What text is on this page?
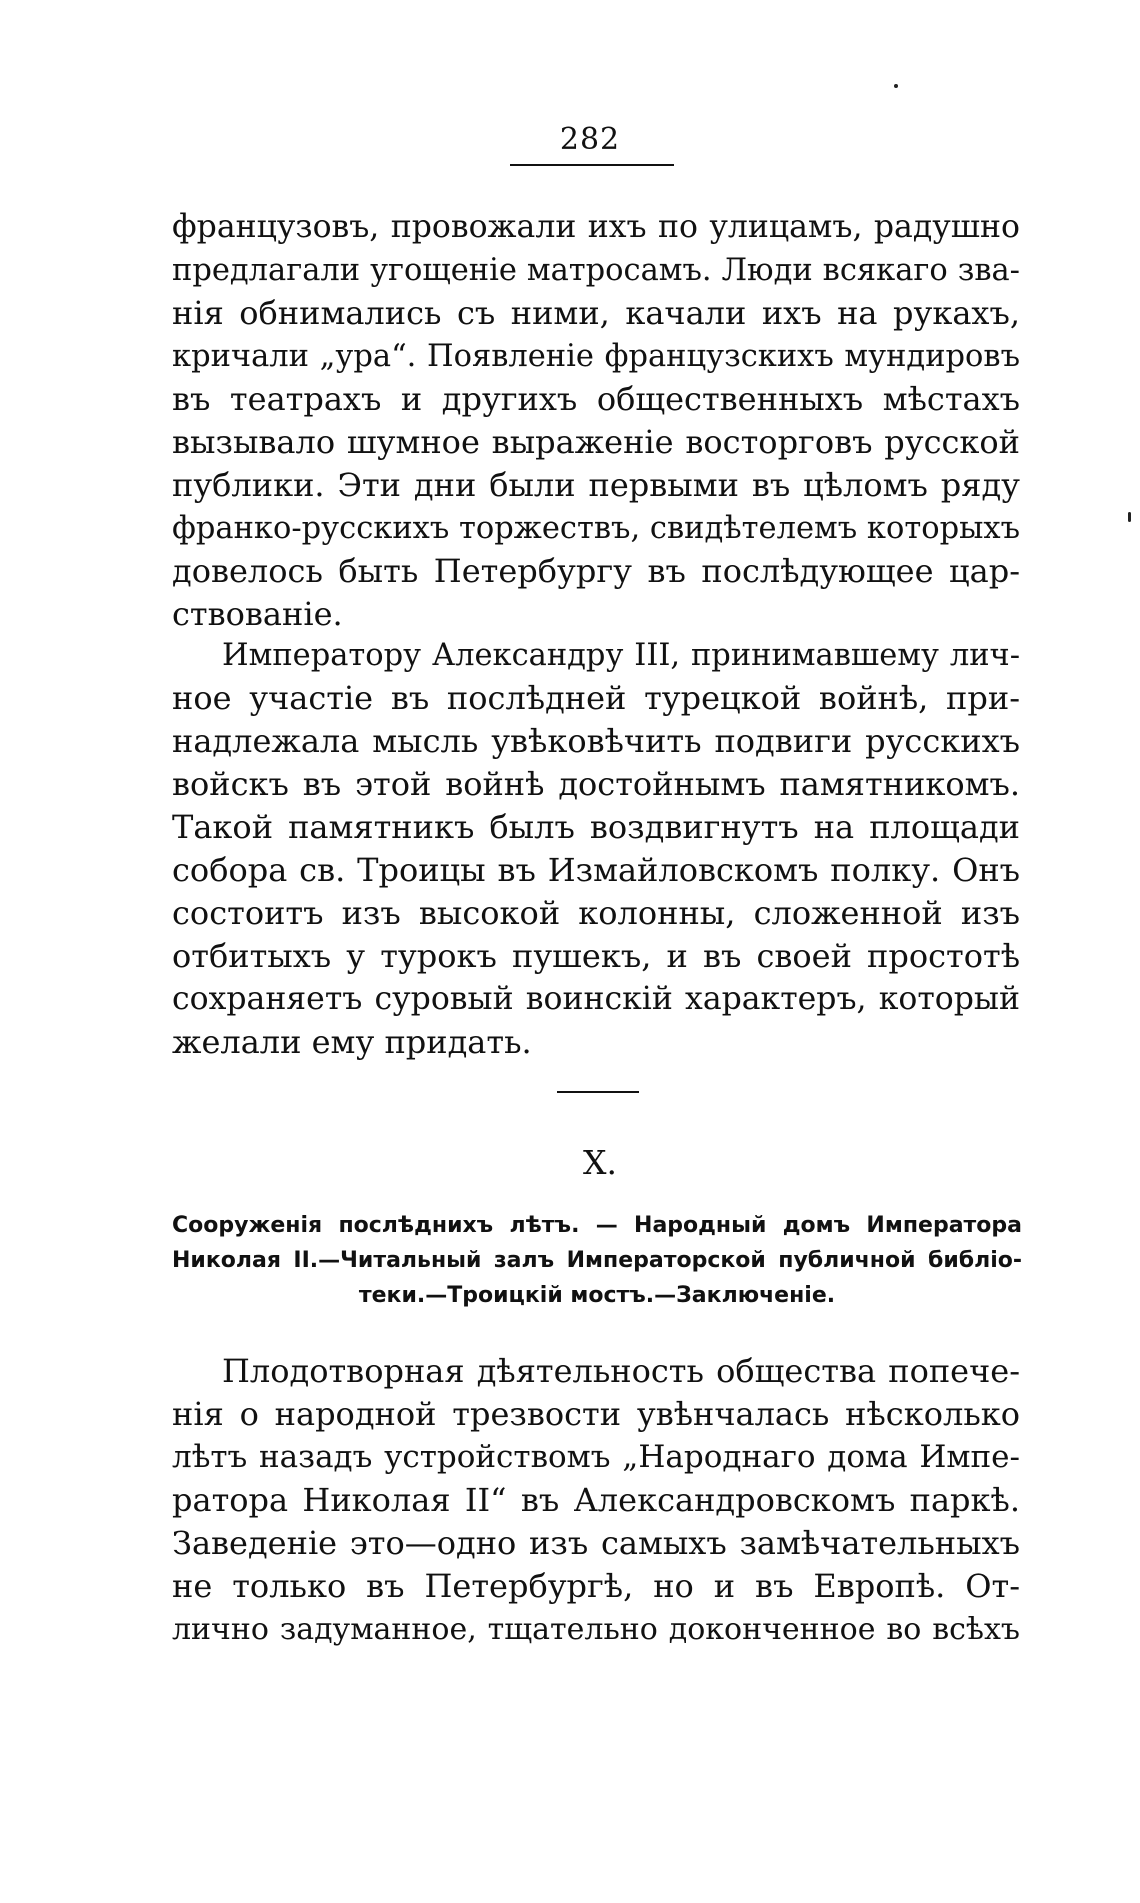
282
французовъ, провожали ихъ по улицамъ, радушно
предлагали угощеніе матросамъ. Люди всякаго зва-
нія обнимались съ ними, качали ихъ на рукахъ,
кричали „ура“. Появленіе французскихъ мундировъ
въ театрахъ и другихъ общественныхъ мѣстахъ
вызывало шумное выраженіе восторговъ русской
публики. Эти дни были первыми въ цѣломъ ряду
франко-русскихъ торжествъ, свидѣтелемъ которыхъ
довелось быть Петербургу въ послѣдующее цар-
ствованіе.
Императору Александру III, принимавшему лич-
ное участіе въ послѣдней турецкой войнѣ, при-
надлежала мысль увѣковѣчить подвиги русскихъ
войскъ въ этой войнѣ достойнымъ памятникомъ.
Такой памятникъ былъ воздвигнутъ на площади
собора св. Троицы въ Измайловскомъ полку. Онъ
состоитъ изъ высокой колонны, сложенной изъ
отбитыхъ у турокъ пушекъ, и въ своей простотѣ
сохраняетъ суровый воинскій характеръ, который
желали ему придать.
X.
Сооруженія послѣднихъ лѣтъ. — Народный домъ Императора
Николая II.—Читальный залъ Императорской публичной библіо-
теки.—Троицкій мостъ.—Заключеніе.
Плодотворная дѣятельность общества попече-
нія о народной трезвости увѣнчалась нѣсколько
лѣтъ назадъ устройствомъ „Народнаго дома Импе-
ратора Николая II“ въ Александровскомъ паркѣ.
Заведеніе это—одно изъ самыхъ замѣчательныхъ
не только въ Петербургѣ, но и въ Европѣ. От-
лично задуманное, тщательно доконченное во всѣхъ
